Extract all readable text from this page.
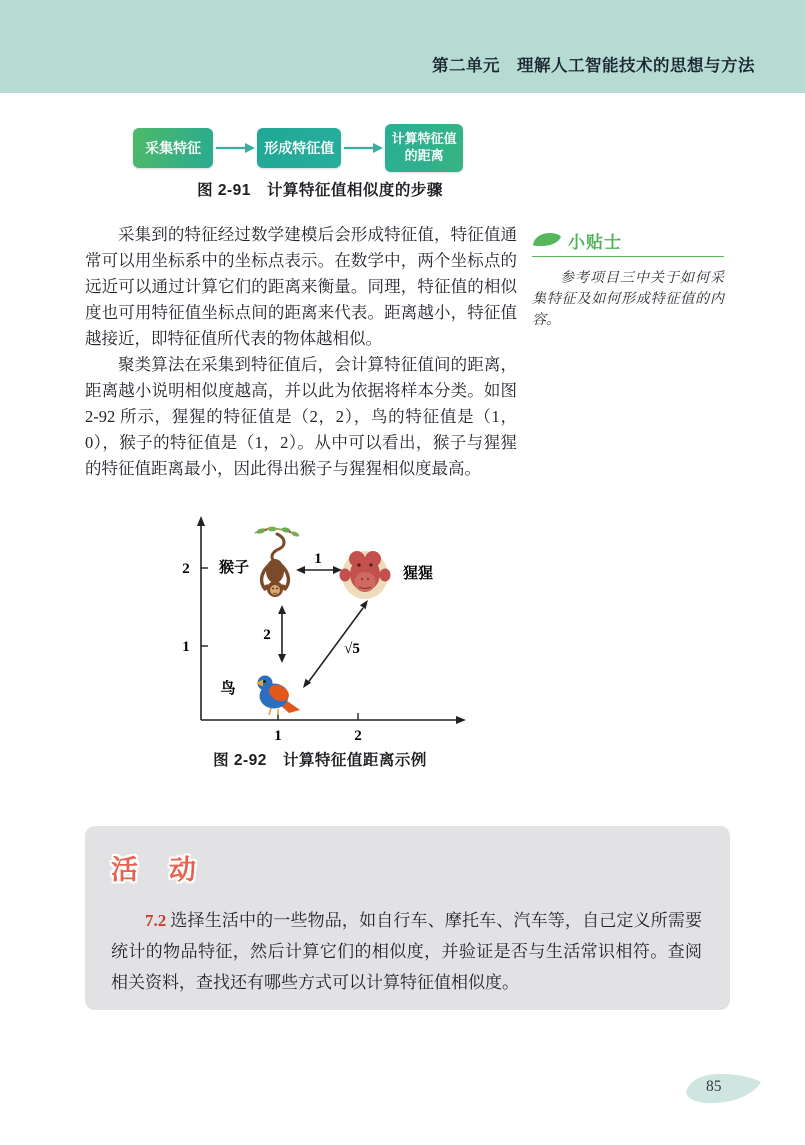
第二单元　理解人工智能技术的思想与方法
采集特征	形成特征值
计算特征值的距离
图 2-91　计算特征值相似度的步骤

采集到的特征经过数学建模后会形成特征值，特征值通常可以用坐标系中的坐标点表示。在数学中，两个坐标点的远近可以通过计算它们的距离来衡量。同理，特征值的相似度也可用特征值坐标点间的距离来代表。距离越小，特征值越接近，即特征值所代表的物体越相似。

聚类算法在采集到特征值后，会计算特征值间的距离，距离越小说明相似度越高，并以此为依据将样本分类。如图 2-92 所示，猩猩的特征值是（2，2），鸟的特征值是（1，0），猴子的特征值是（1，2）。从中可以看出，猴子与猩猩的特征值距离最小，因此得出猴子与猩猩相似度最高。

小贴士

参考项目三中关于如何采集特征及如何形成特征值的内容。

2
1
1	2
猴子	猩猩
鸟
1
2
√5
图 2-92　计算特征值距离示例
活　动

7.2 选择生活中的一些物品，如自行车、摩托车、汽车等，自己定义所需要统计的物品特征，然后计算它们的相似度，并验证是否与生活常识相符。查阅相关资料，查找还有哪些方式可以计算特征值相似度。

85
